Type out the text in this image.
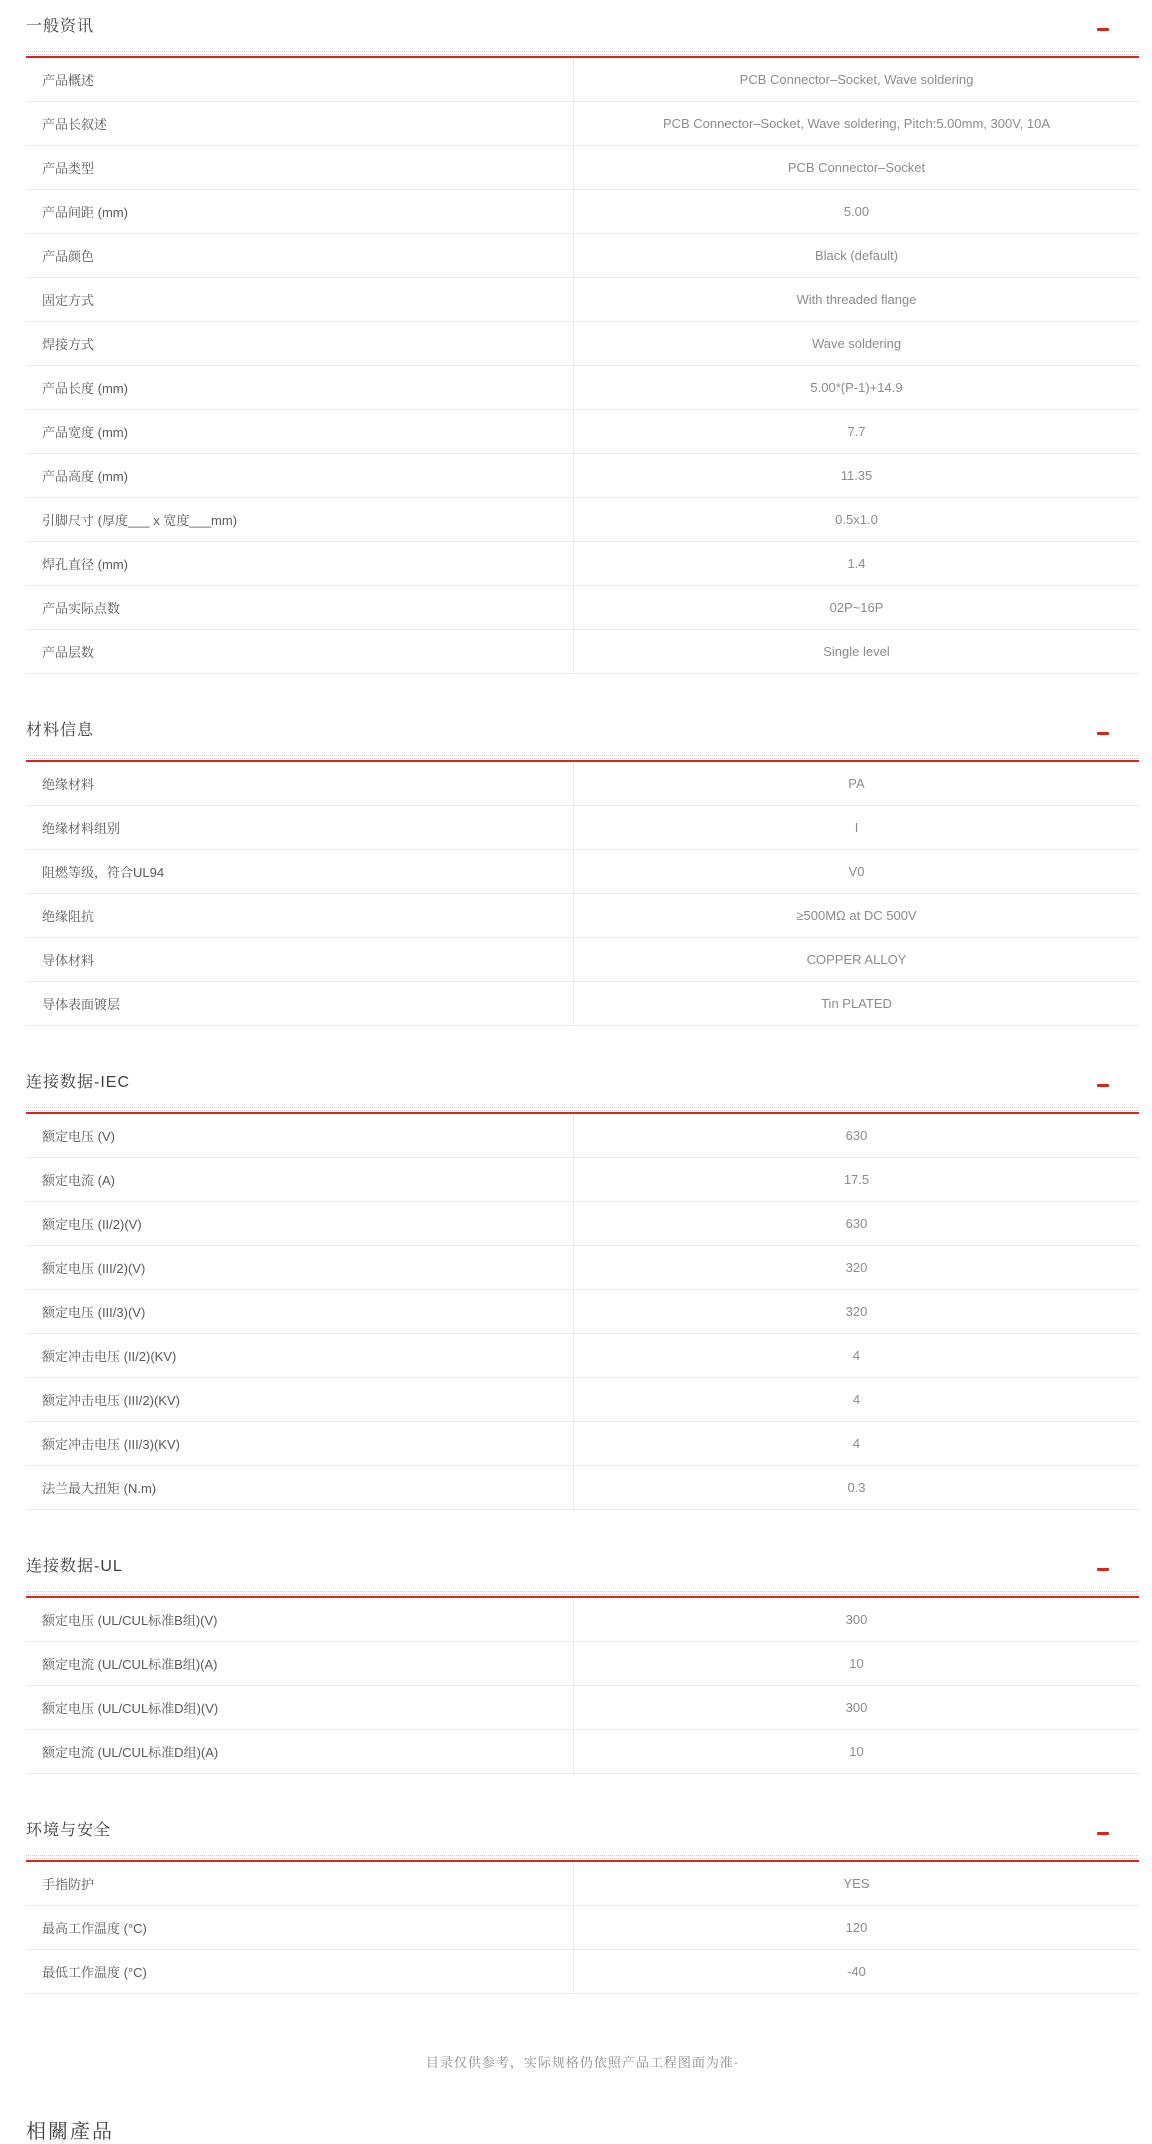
一般资讯
产品概述	PCB Connector–Socket, Wave soldering
产品长叙述	PCB Connector–Socket, Wave soldering, Pitch:5.00mm, 300V, 10A
产品类型	PCB Connector–Socket
产品间距 (mm)	5.00
产品颜色	Black (default)
固定方式	With threaded flange
焊接方式	Wave soldering
产品长度 (mm)	5.00*(P-1)+14.9
产品宽度 (mm)	7.7
产品高度 (mm)	11.35
引脚尺寸 (厚度___ x 宽度___mm)	0.5x1.0
焊孔直径 (mm)	1.4
产品实际点数	02P~16P
产品层数	Single level
材料信息
绝缘材料	PA
绝缘材料组别	I
阻燃等级，符合UL94	V0
绝缘阻抗	≥500MΩ at DC 500V
导体材料	COPPER ALLOY
导体表面镀层	Tin PLATED
连接数据-IEC
额定电压 (V)	630
额定电流 (A)	17.5
额定电压 (II/2)(V)	630
额定电压 (III/2)(V)	320
额定电压 (III/3)(V)	320
额定冲击电压 (II/2)(KV)	4
额定冲击电压 (III/2)(KV)	4
额定冲击电压 (III/3)(KV)	4
法兰最大扭矩 (N.m)	0.3
连接数据-UL
额定电压 (UL/CUL标准B组)(V)	300
额定电流 (UL/CUL标准B组)(A)	10
额定电压 (UL/CUL标准D组)(V)	300
额定电流 (UL/CUL标准D组)(A)	10
环境与安全
手指防护	YES
最高工作温度 (°C)	120
最低工作温度 (°C)	-40
目录仅供参考，实际规格仍依照产品工程图面为准·
相關產品
